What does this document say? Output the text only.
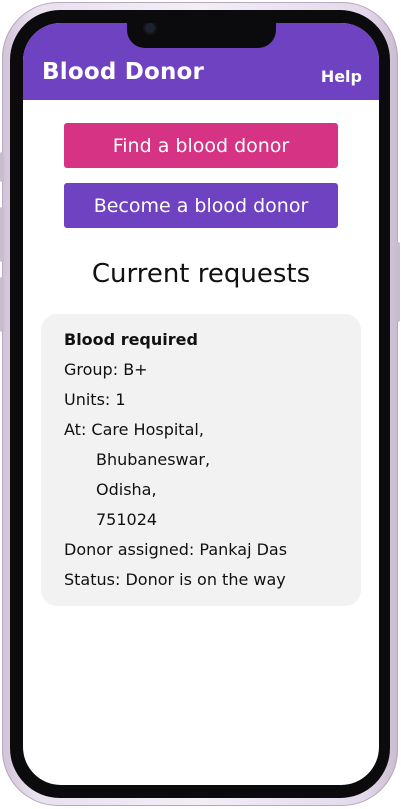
Blood Donor	Help
Find a blood donor
Become a blood donor
Current requests
Blood required
Group: B+
Units: 1
At: Care Hospital,
Bhubaneswar,
Odisha,
751024
Donor assigned: Pankaj Das
Status: Donor is on the way
